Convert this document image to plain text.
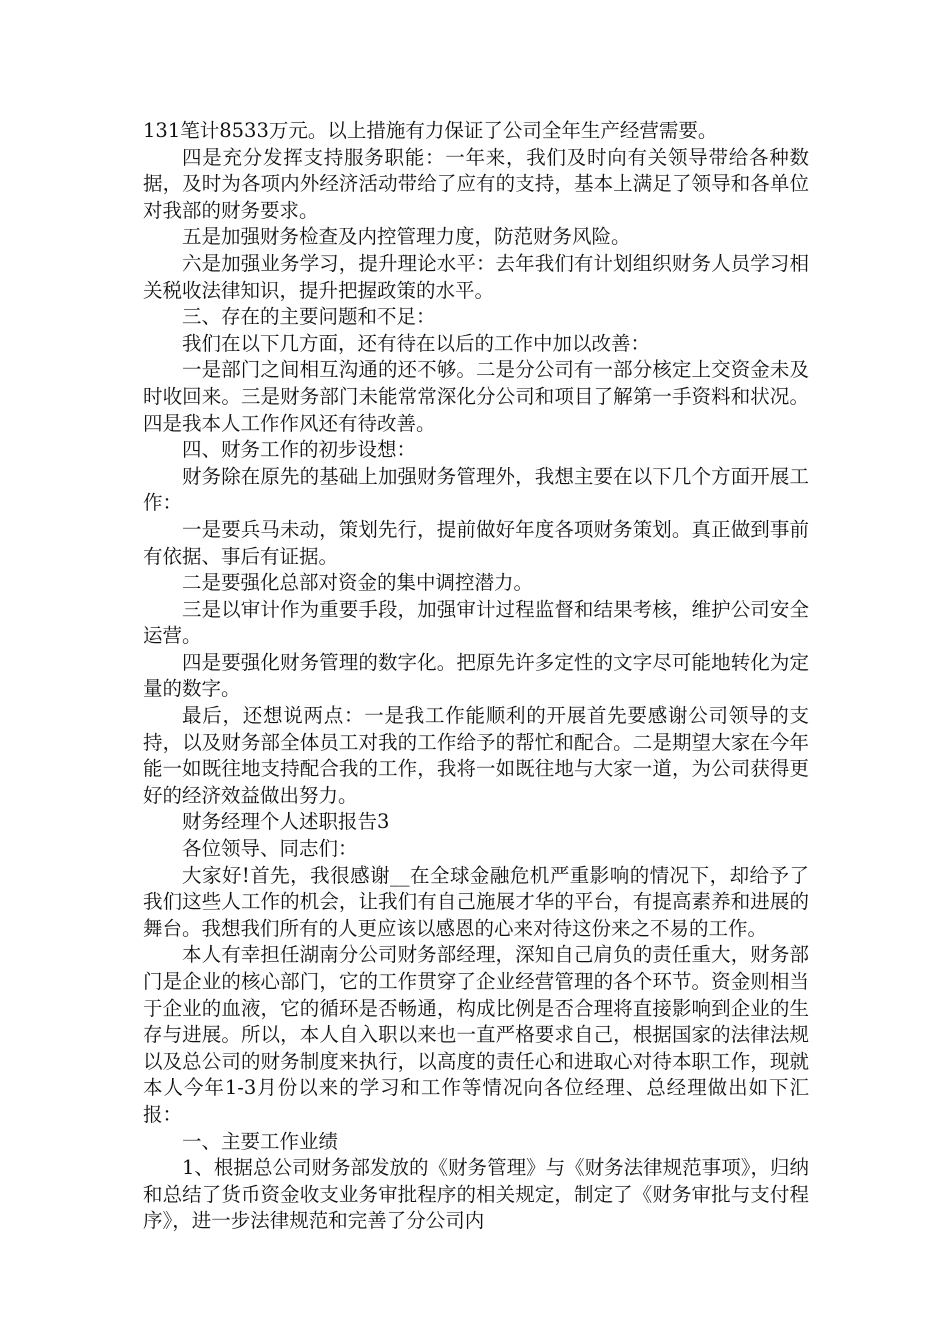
131笔计8533万元。以上措施有力保证了公司全年生产经营需要。

四是充分发挥支持服务职能：一年来，我们及时向有关领导带给各种数据，及时为各项内外经济活动带给了应有的支持，基本上满足了领导和各单位对我部的财务要求。

五是加强财务检查及内控管理力度，防范财务风险。

六是加强业务学习，提升理论水平：去年我们有计划组织财务人员学习相关税收法律知识，提升把握政策的水平。

三、存在的主要问题和不足：

我们在以下几方面，还有待在以后的工作中加以改善：

一是部门之间相互沟通的还不够。二是分公司有一部分核定上交资金未及时收回来。三是财务部门未能常常深化分公司和项目了解第一手资料和状况。四是我本人工作作风还有待改善。

四、财务工作的初步设想：

财务除在原先的基础上加强财务管理外，我想主要在以下几个方面开展工作：

一是要兵马未动，策划先行，提前做好年度各项财务策划。真正做到事前有依据、事后有证据。

二是要强化总部对资金的集中调控潜力。

三是以审计作为重要手段，加强审计过程监督和结果考核，维护公司安全运营。

四是要强化财务管理的数字化。把原先许多定性的文字尽可能地转化为定量的数字。

最后，还想说两点：一是我工作能顺利的开展首先要感谢公司领导的支持，以及财务部全体员工对我的工作给予的帮忙和配合。二是期望大家在今年能一如既往地支持配合我的工作，我将一如既往地与大家一道，为公司获得更好的经济效益做出努力。

财务经理个人述职报告3

各位领导、同志们：

大家好!首先，我很感谢__在全球金融危机严重影响的情况下，却给予了我们这些人工作的机会，让我们有自己施展才华的平台，有提高素养和进展的舞台。我想我们所有的人更应该以感恩的心来对待这份来之不易的工作。

本人有幸担任湖南分公司财务部经理，深知自己肩负的责任重大，财务部门是企业的核心部门，它的工作贯穿了企业经营管理的各个环节。资金则相当于企业的血液，它的循环是否畅通，构成比例是否合理将直接影响到企业的生存与进展。所以，本人自入职以来也一直严格要求自己，根据国家的法律法规以及总公司的财务制度来执行，以高度的责任心和进取心对待本职工作，现就本人今年1-3月份以来的学习和工作等情况向各位经理、总经理做出如下汇报：

一、主要工作业绩

1、根据总公司财务部发放的《财务管理》与《财务法律规范事项》，归纳和总结了货币资金收支业务审批程序的相关规定，制定了《财务审批与支付程序》，进一步法律规范和完善了分公司内
